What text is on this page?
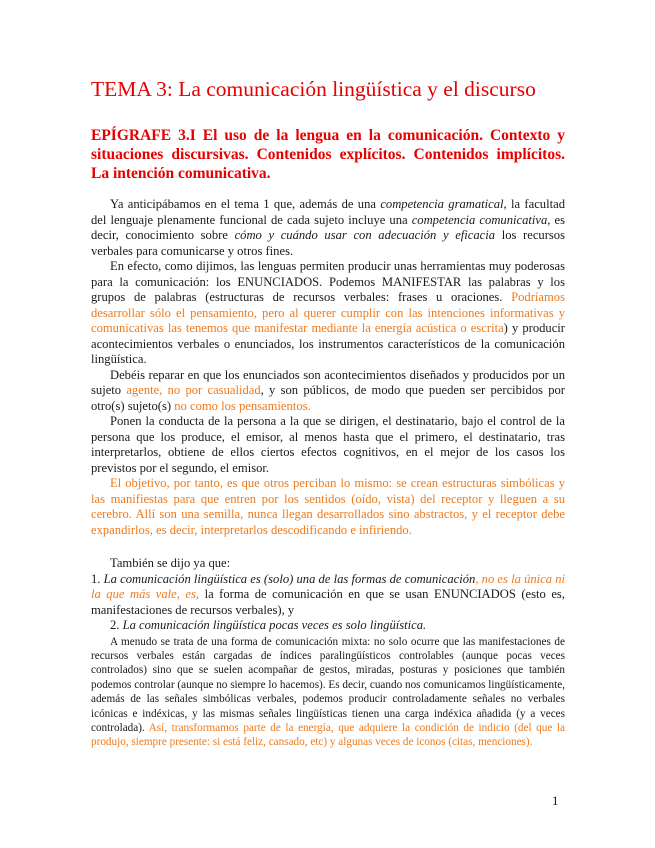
TEMA 3: La comunicación lingüística y el discurso
EPÍGRAFE 3.I El uso de la lengua en la comunicación. Contexto y situaciones discursivas. Contenidos explícitos. Contenidos implícitos. La intención comunicativa.

Ya anticipábamos en el tema 1 que, además de una competencia gramatical, la facultad del lenguaje plenamente funcional de cada sujeto incluye una competencia comunicativa, es decir, conocimiento sobre cómo y cuándo usar con adecuación y eficacia los recursos verbales para comunicarse y otros fines.

En efecto, como dijimos, las lenguas permiten producir unas herramientas muy poderosas para la comunicación: los ENUNCIADOS. Podemos MANIFESTAR las palabras y los grupos de palabras (estructuras de recursos verbales: frases u oraciones. Podríamos desarrollar sólo el pensamiento, pero al querer cumplir con las intenciones informativas y comunicativas las tenemos que manifestar mediante la energía acústica o escrita) y producir acontecimientos verbales o enunciados, los instrumentos característicos de la comunicación lingüística.

Debéis reparar en que los enunciados son acontecimientos diseñados y producidos por un sujeto agente, no por casualidad, y son públicos, de modo que pueden ser percibidos por otro(s) sujeto(s) no como los pensamientos.

Ponen la conducta de la persona a la que se dirigen, el destinatario, bajo el control de la persona que los produce, el emisor, al menos hasta que el primero, el destinatario, tras interpretarlos, obtiene de ellos ciertos efectos cognitivos, en el mejor de los casos los previstos por el segundo, el emisor.

El objetivo, por tanto, es que otros perciban lo mismo: se crean estructuras simbólicas y las manifiestas para que entren por los sentidos (oído, vista) del receptor y lleguen a su cerebro. Allí son una semilla, nunca llegan desarrollados sino abstractos, y el receptor debe expandirlos, es decir, interpretarlos descodificando e infiriendo.

También se dijo ya que:

1. La comunicación lingüística es (solo) una de las formas de comunicación, no es la única ni la que más vale, es, la forma de comunicación en que se usan ENUNCIADOS (esto es, manifestaciones de recursos verbales), y

2. La comunicación lingüística pocas veces es solo lingüística.

A menudo se trata de una forma de comunicación mixta: no solo ocurre que las manifestaciones de recursos verbales están cargadas de índices paralingüísticos controlables (aunque pocas veces controlados) sino que se suelen acompañar de gestos, miradas, posturas y posiciones que también podemos controlar (aunque no siempre lo hacemos). Es decir, cuando nos comunicamos lingüísticamente, además de las señales simbólicas verbales, podemos producir controladamente señales no verbales icónicas e indéxicas, y las mismas señales lingüísticas tienen una carga indéxica añadida (y a veces controlada). Así, transformamos parte de la energía, que adquiere la condición de indicio (del que la produjo, siempre presente: si está feliz, cansado, etc) y algunas veces de iconos (citas, menciones).
1
